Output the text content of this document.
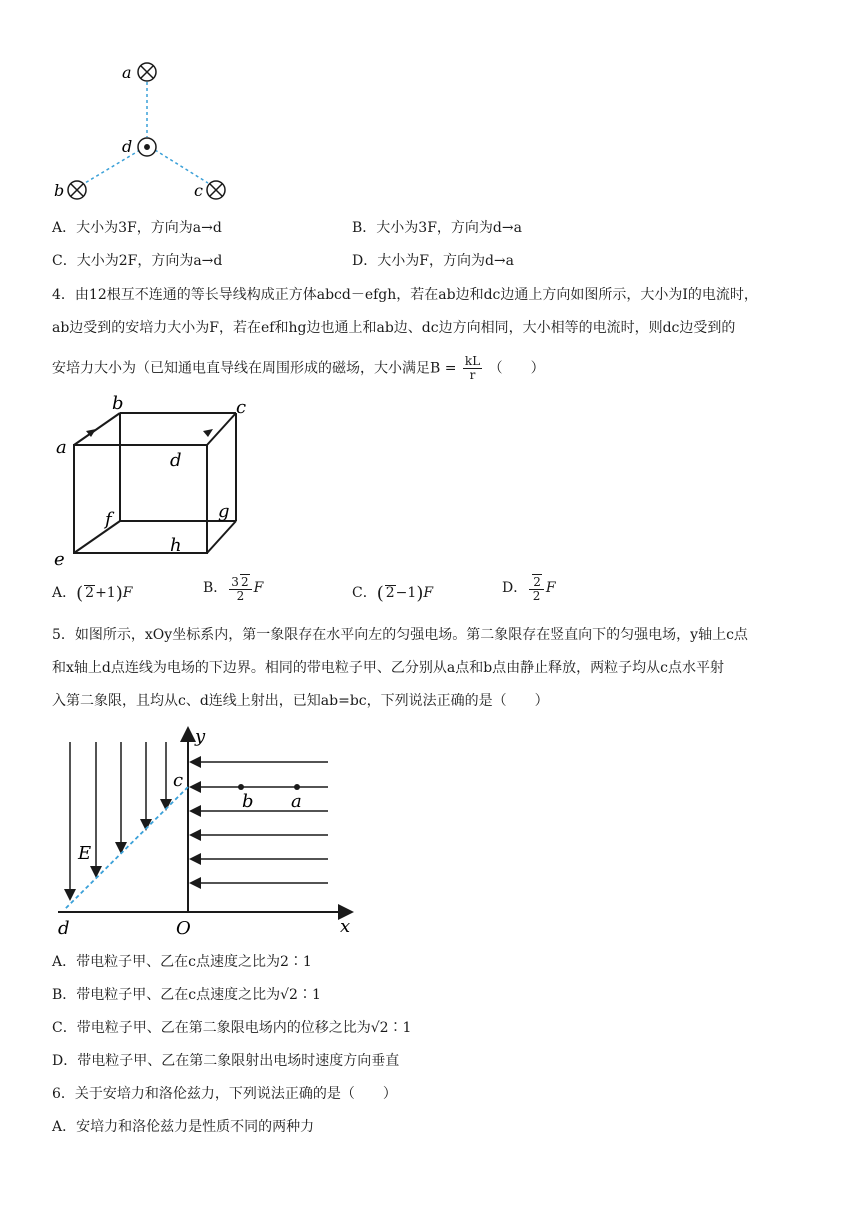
a
d
b	c
A．大小为3F，方向为a→d	B．大小为3F，方向为d→a
C．大小为2F，方向为a→d	D．大小为F，方向为d→a
4．由12根互不连通的等长导线构成正方体abcd－efgh，若在ab边和dc边通上方向如图所示，大小为I的电流时，
ab边受到的安培力大小为F，若在ef和hg边也通上和ab边、dc边方向相同，大小相等的电流时，则dc边受到的
安培力大小为（已知通电直导线在周围形成的磁场，大小满足$B = \frac{kL}{r}$ （　　）
a
b	c
d
e
f	g
h
A．( 2+1)F	B． $\frac{3 2}{2}$ F	C．( 2−1)F	D． $\frac{2}{2}$ F
5．如图所示，xOy坐标系内，第一象限存在水平向左的匀强电场。第二象限存在竖直向下的匀强电场，y轴上c点
和x轴上d点连线为电场的下边界。相同的带电粒子甲、乙分别从a点和b点由静止释放，两粒子均从c点水平射
入第二象限，且均从c、d连线上射出，已知ab=bc，下列说法正确的是（　　）
y
x
O
c
d
E
b a
A．带电粒子甲、乙在c点速度之比为2∶1
B．带电粒子甲、乙在c点速度之比为√2∶1
C．带电粒子甲、乙在第二象限电场内的位移之比为√2∶1
D．带电粒子甲、乙在第二象限射出电场时速度方向垂直
6．关于安培力和洛伦兹力，下列说法正确的是（　　）
A．安培力和洛伦兹力是性质不同的两种力
